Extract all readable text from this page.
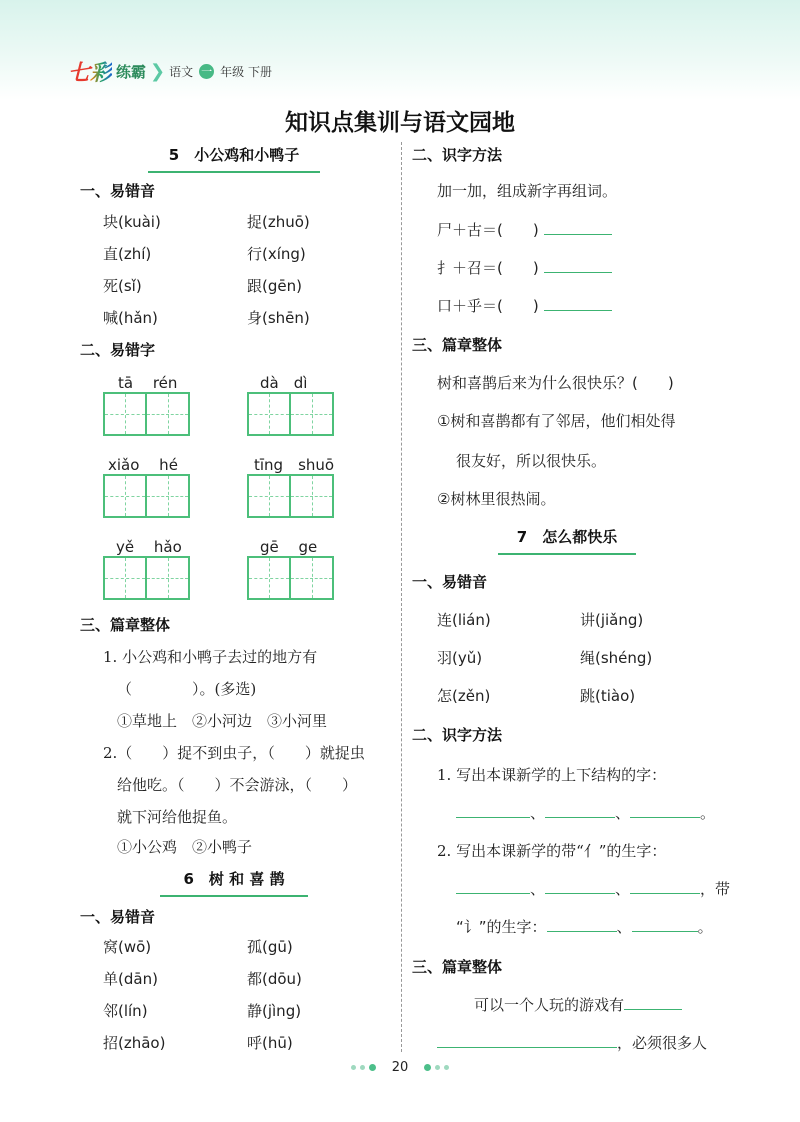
七彩 练霸 ❯ 语文 一 年级 下册
知识点集训与语文园地
5　小公鸡和小鸭子
一、易错音
块(kuài)	捉(zhuō)
直(zhí)	行(xíng)
死(sǐ)	跟(gēn)
喊(hǎn)	身(shēn)
二、易错字
tā　 rén	dà　dì
xiǎo　 hé	tīng　shuō
yě　 hǎo	gē　 ge
三、篇章整体
1. 小公鸡和小鸭子去过的地方有
（　　　　）。(多选)
①草地上　②小河边　③小河里
2.（　　）捉不到虫子，（　　）就捉虫
给他吃。（　　）不会游泳，（　　）
就下河给他捉鱼。
①小公鸡　②小鸭子
6　树 和 喜 鹊
一、易错音
窝(wō)	孤(gū)
单(dān)	都(dōu)
邻(lín)	静(jìng)
招(zhāo)	呼(hū)
二、识字方法
加一加，组成新字再组词。
尸＋古＝(　　)
扌＋召＝(　　)
口＋乎＝(　　)
三、篇章整体
树和喜鹊后来为什么很快乐？(　　)
①树和喜鹊都有了邻居，他们相处得
很友好，所以很快乐。
②树林里很热闹。
7　怎么都快乐
一、易错音
连(lián)	讲(jiǎng)
羽(yǔ)	绳(shéng)
怎(zěn)	跳(tiào)
二、识字方法
1. 写出本课新学的上下结构的字：
、	、	。
2. 写出本课新学的带“亻”的生字：
、	、	，带
“讠”的生字：	、	。
三、篇章整体
可以一个人玩的游戏有
，必须很多人
20
